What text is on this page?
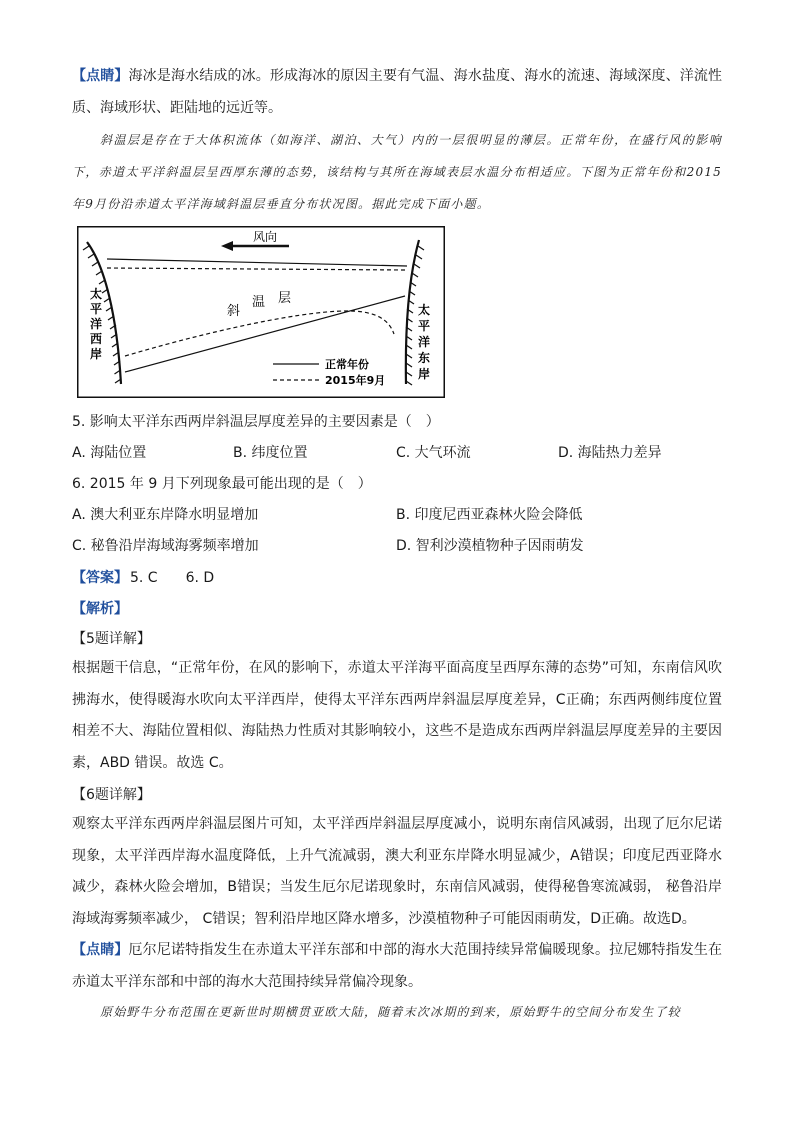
【点睛】海冰是海水结成的冰。形成海冰的原因主要有气温、海水盐度、海水的流速、海域深度、洋流性质、海域形状、距陆地的远近等。

斜温层是存在于大体积流体（如海洋、湖泊、大气）内的一层很明显的薄层。正常年份，在盛行风的影响下，赤道太平洋斜温层呈西厚东薄的态势，该结构与其所在海域表层水温分布相适应。下图为正常年份和2015年9月份沿赤道太平洋海域斜温层垂直分布状况图。据此完成下面小题。

风向
斜
温 层
太
平
洋
西
岸
太
平
洋
东
岸
正常年份
2015年9月
5. 影响太平洋东西两岸斜温层厚度差异的主要因素是（　）
A. 海陆位置	B. 纬度位置	C. 大气环流	D. 海陆热力差异
6. 2015 年 9 月下列现象最可能出现的是（　）
A. 澳大利亚东岸降水明显增加	B. 印度尼西亚森林火险会降低
C. 秘鲁沿岸海域海雾频率增加	D. 智利沙漠植物种子因雨萌发
【答案】 5. C　　6. D
【解析】
【5题详解】

根据题干信息，“正常年份，在风的影响下，赤道太平洋海平面高度呈西厚东薄的态势”可知，东南信风吹拂海水，使得暖海水吹向太平洋西岸，使得太平洋东西两岸斜温层厚度差异，C正确；东西两侧纬度位置相差不大、海陆位置相似、海陆热力性质对其影响较小，这些不是造成东西两岸斜温层厚度差异的主要因素，ABD 错误。故选 C。

【6题详解】

观察太平洋东西两岸斜温层图片可知，太平洋西岸斜温层厚度减小，说明东南信风减弱，出现了厄尔尼诺现象，太平洋西岸海水温度降低，上升气流减弱，澳大利亚东岸降水明显减少，A错误；印度尼西亚降水减少，森林火险会增加，B错误；当发生厄尔尼诺现象时，东南信风减弱，使得秘鲁寒流减弱， 秘鲁沿岸海域海雾频率减少， C错误；智利沿岸地区降水增多，沙漠植物种子可能因雨萌发，D正确。故选D。

【点睛】厄尔尼诺特指发生在赤道太平洋东部和中部的海水大范围持续异常偏暖现象。拉尼娜特指发生在赤道太平洋东部和中部的海水大范围持续异常偏冷现象。

原始野牛分布范围在更新世时期横贯亚欧大陆，随着末次冰期的到来，原始野牛的空间分布发生了较
